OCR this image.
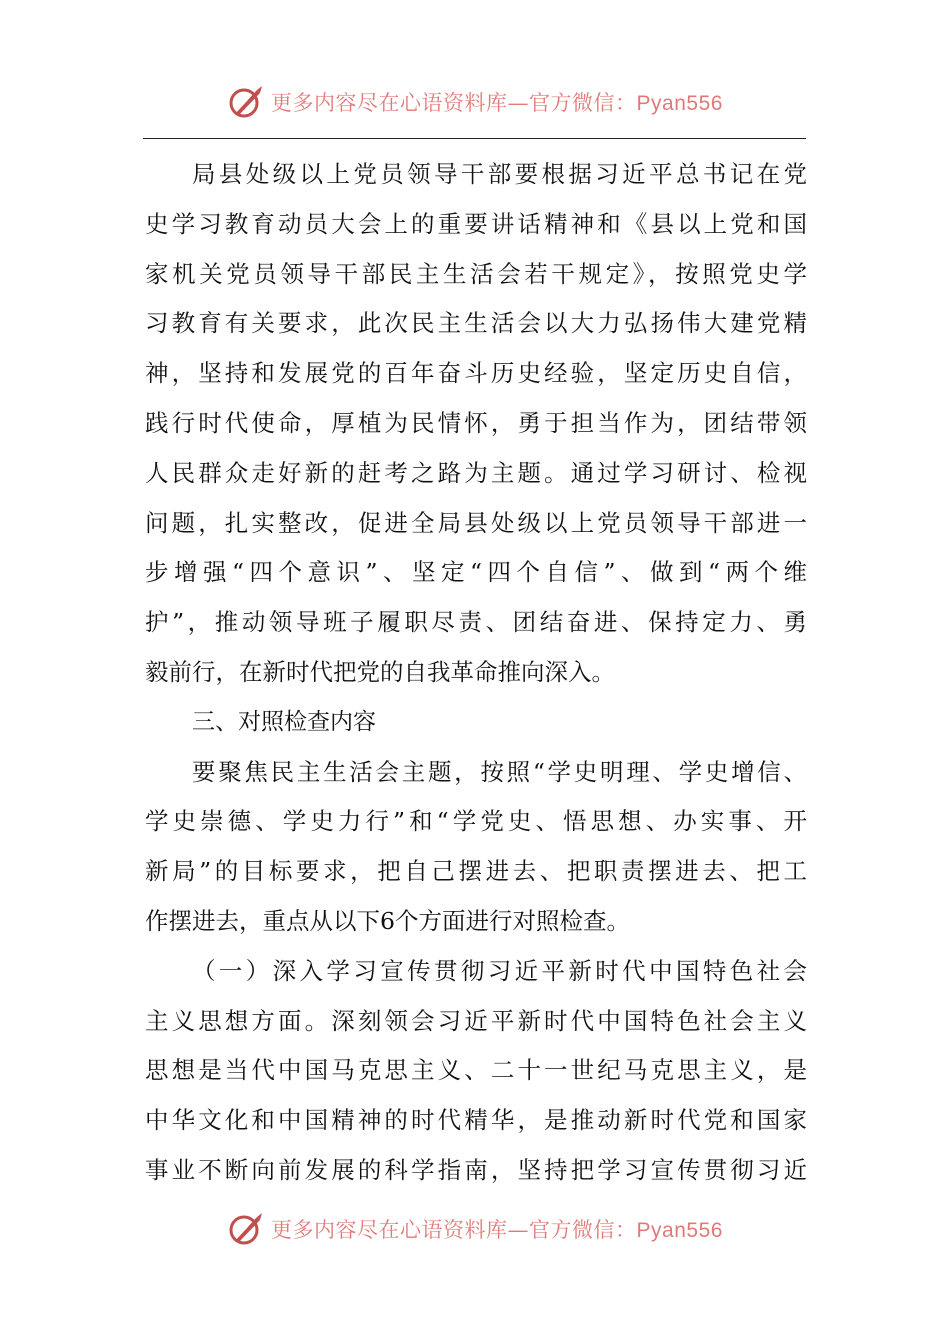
更多内容尽在心语资料库—官方微信：Pyan556
局县处级以上党员领导干部要根据习近平总书记在党
史学习教育动员大会上的重要讲话精神和《县以上党和国
家机关党员领导干部民主生活会若干规定》，按照党史学
习教育有关要求，此次民主生活会以大力弘扬伟大建党精
神，坚持和发展党的百年奋斗历史经验，坚定历史自信，
践行时代使命，厚植为民情怀，勇于担当作为，团结带领
人民群众走好新的赶考之路为主题。通过学习研讨、检视
问题，扎实整改，促进全局县处级以上党员领导干部进一
步增强“四个意识”、坚定“四个自信”、做到“两个维
护”，推动领导班子履职尽责、团结奋进、保持定力、勇
毅前行，在新时代把党的自我革命推向深入。
三、对照检查内容
要聚焦民主生活会主题，按照“学史明理、学史增信、
学史崇德、学史力行”和“学党史、悟思想、办实事、开
新局”的目标要求，把自己摆进去、把职责摆进去、把工
作摆进去，重点从以下6个方面进行对照检查。
（一）深入学习宣传贯彻习近平新时代中国特色社会
主义思想方面。深刻领会习近平新时代中国特色社会主义
思想是当代中国马克思主义、二十一世纪马克思主义，是
中华文化和中国精神的时代精华，是推动新时代党和国家
事业不断向前发展的科学指南，坚持把学习宣传贯彻习近
更多内容尽在心语资料库—官方微信：Pyan556
